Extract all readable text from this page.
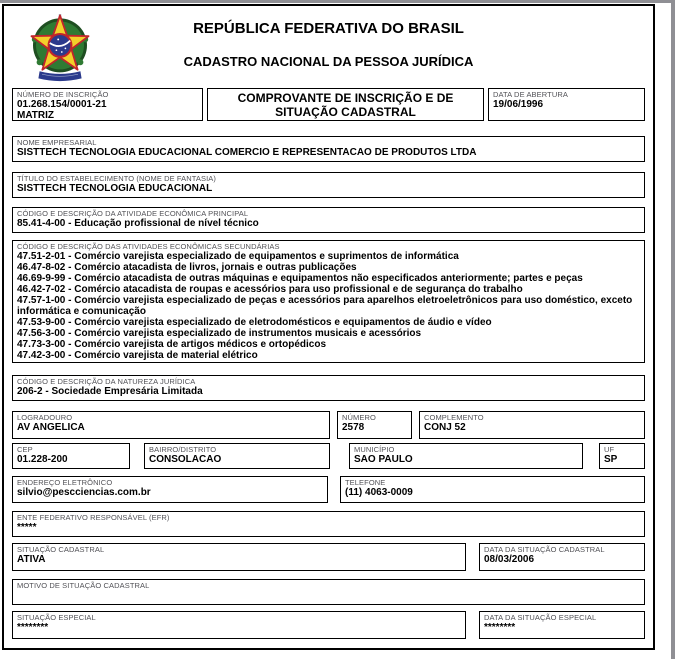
REPÚBLICA FEDERATIVA DO BRASIL
CADASTRO NACIONAL DA PESSOA JURÍDICA
NÚMERO DE INSCRIÇÃO
01.268.154/0001-21
MATRIZ
COMPROVANTE DE INSCRIÇÃO E DE SITUAÇÃO CADASTRAL
DATA DE ABERTURA
19/06/1996
NOME EMPRESARIAL
SISTTECH TECNOLOGIA EDUCACIONAL COMERCIO E REPRESENTACAO DE PRODUTOS LTDA
TÍTULO DO ESTABELECIMENTO (NOME DE FANTASIA)
SISTTECH TECNOLOGIA EDUCACIONAL
CÓDIGO E DESCRIÇÃO DA ATIVIDADE ECONÔMICA PRINCIPAL
85.41-4-00 - Educação profissional de nível técnico
CÓDIGO E DESCRIÇÃO DAS ATIVIDADES ECONÔMICAS SECUNDÁRIAS
47.51-2-01 - Comércio varejista especializado de equipamentos e suprimentos de informática
46.47-8-02 - Comércio atacadista de livros, jornais e outras publicações
46.69-9-99 - Comércio atacadista de outras máquinas e equipamentos não especificados anteriormente; partes e peças
46.42-7-02 - Comércio atacadista de roupas e acessórios para uso profissional e de segurança do trabalho
47.57-1-00 - Comércio varejista especializado de peças e acessórios para aparelhos eletroeletrônicos para uso doméstico, exceto informática e comunicação
47.53-9-00 - Comércio varejista especializado de eletrodomésticos e equipamentos de áudio e vídeo
47.56-3-00 - Comércio varejista especializado de instrumentos musicais e acessórios
47.73-3-00 - Comércio varejista de artigos médicos e ortopédicos
47.42-3-00 - Comércio varejista de material elétrico
CÓDIGO E DESCRIÇÃO DA NATUREZA JURÍDICA
206-2 - Sociedade Empresária Limitada
LOGRADOURO
AV ANGELICA
NÚMERO
2578
COMPLEMENTO
CONJ 52
CEP
01.228-200
BAIRRO/DISTRITO
CONSOLACAO
MUNICÍPIO
SAO PAULO
UF
SP
ENDEREÇO ELETRÔNICO
silvio@pescciencias.com.br
TELEFONE
(11) 4063-0009
ENTE FEDERATIVO RESPONSÁVEL (EFR)
*****
SITUAÇÃO CADASTRAL
ATIVA
DATA DA SITUAÇÃO CADASTRAL
08/03/2006
MOTIVO DE SITUAÇÃO CADASTRAL
SITUAÇÃO ESPECIAL
********
DATA DA SITUAÇÃO ESPECIAL
********
